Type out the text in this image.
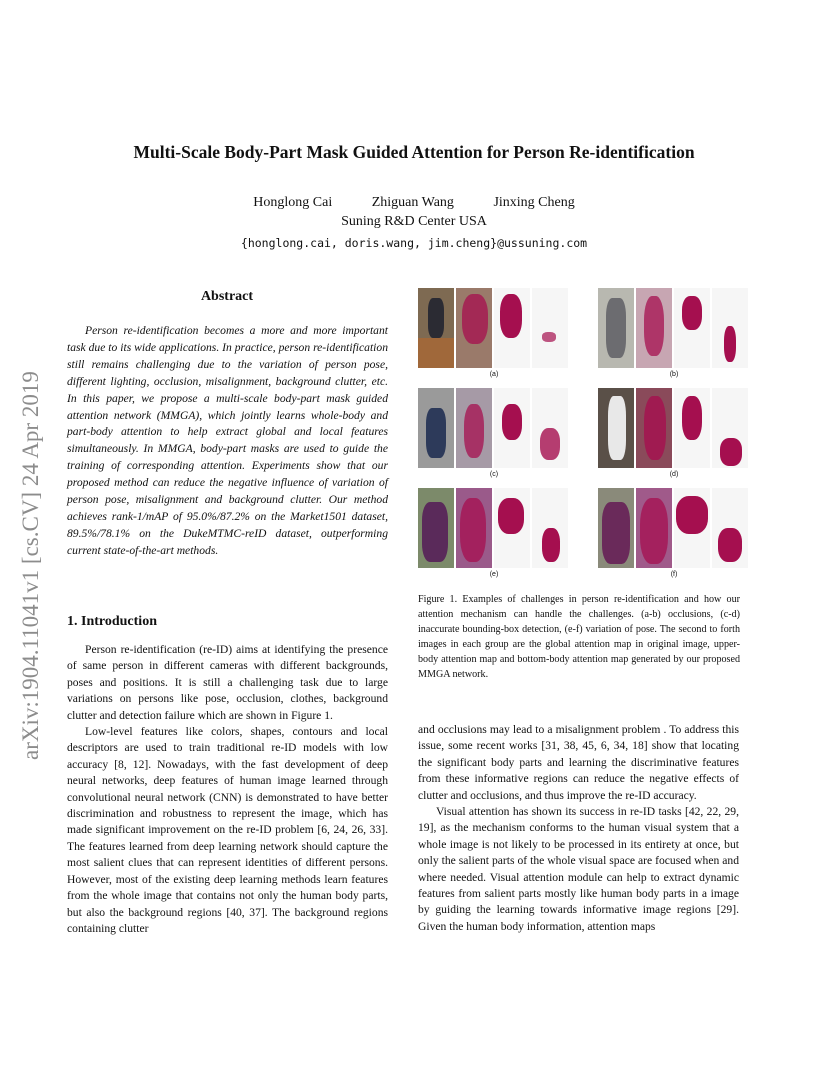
arXiv:1904.11041v1 [cs.CV] 24 Apr 2019
Multi-Scale Body-Part Mask Guided Attention for Person Re-identification
Honglong Cai	Zhiguan Wang	Jinxing Cheng
Suning R&D Center USA
{honglong.cai, doris.wang, jim.cheng}@ussuning.com
Abstract
Person re-identification becomes a more and more important task due to its wide applications. In practice, person re-identification still remains challenging due to the variation of person pose, different lighting, occlusion, misalignment, background clutter, etc. In this paper, we propose a multi-scale body-part mask guided attention network (MMGA), which jointly learns whole-body and part-body attention to help extract global and local features simultaneously. In MMGA, body-part masks are used to guide the training of corresponding attention. Experiments show that our proposed method can reduce the negative influence of variation of person pose, misalignment and background clutter. Our method achieves rank-1/mAP of 95.0%/87.2% on the Market1501 dataset, 89.5%/78.1% on the DukeMTMC-reID dataset, outperforming current state-of-the-art methods.
1. Introduction

Person re-identification (re-ID) aims at identifying the presence of same person in different cameras with different backgrounds, poses and positions. It is still a challenging task due to large variations on persons like pose, occlusion, clothes, background clutter and detection failure which are shown in Figure 1.

Low-level features like colors, shapes, contours and local descriptors are used to train traditional re-ID models with low accuracy [8, 12]. Nowadays, with the fast development of deep neural networks, deep features of human image learned through convolutional neural network (CNN) is demonstrated to have better discrimination and robustness to represent the image, which has made significant improvement on the re-ID problem [6, 24, 26, 33]. The features learned from deep learning network should capture the most salient clues that can represent identities of different persons. However, most of the existing deep learning methods learn features from the whole image that contains not only the human body parts, but also the background regions [40, 37]. The background regions containing clutter

(a)	(b)
(c)	(d)
(e)	(f)
Figure 1. Examples of challenges in person re-identification and how our attention mechanism can handle the challenges. (a-b) occlusions, (c-d) inaccurate bounding-box detection, (e-f) variation of pose. The second to forth images in each group are the global attention map in original image, upper-body attention map and bottom-body attention map generated by our proposed MMGA network.

and occlusions may lead to a misalignment problem . To address this issue, some recent works [31, 38, 45, 6, 34, 18] show that locating the significant body parts and learning the discriminative features from these informative regions can reduce the negative effects of clutter and occlusions, and thus improve the re-ID accuracy.

Visual attention has shown its success in re-ID tasks [42, 22, 29, 19], as the mechanism conforms to the human visual system that a whole image is not likely to be processed in its entirety at once, but only the salient parts of the whole visual space are focused when and where needed. Visual attention module can help to extract dynamic features from salient parts mostly like human body parts in a image by guiding the learning towards informative image regions [29]. Given the human body information, attention maps
